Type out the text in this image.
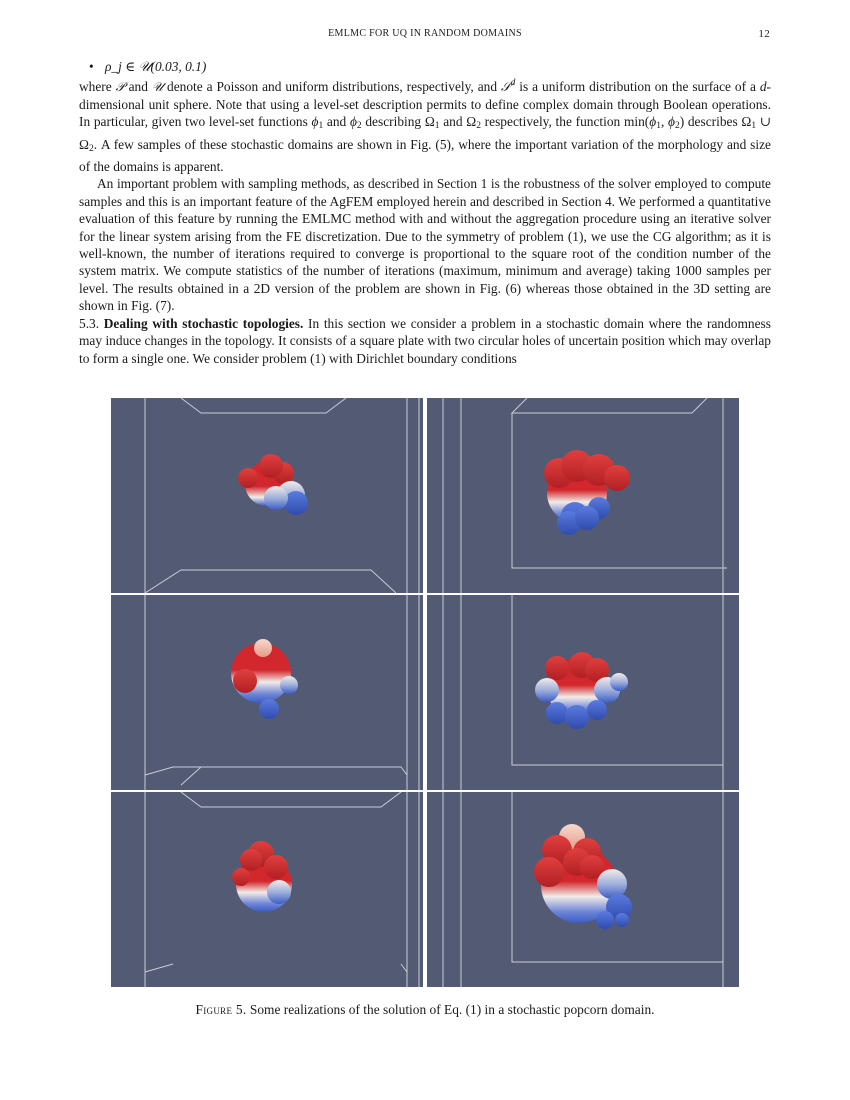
EMLMC FOR UQ IN RANDOM DOMAINS	12

• ρ_j ∈ 𝒰(0.03, 0.1)

where 𝒫 and 𝒰 denote a Poisson and uniform distributions, respectively, and 𝒮$^d$ is a uniform distribution on the surface of a d-dimensional unit sphere. Note that using a level-set description permits to define complex domain through Boolean operations. In particular, given two level-set functions $\phi_1$ and $\phi_2$ describing $\Omega_1$ and $\Omega_2$ respectively, the function $\min(\phi_1$, $\phi_2$) describes $\Omega_1$ ∪ $\Omega_2$. A few samples of these stochastic domains are shown in Fig. (5), where the important variation of the morphology and size of the domains is apparent.

An important problem with sampling methods, as described in Section 1 is the robustness of the solver employed to compute samples and this is an important feature of the AgFEM employed herein and described in Section 4. We performed a quantitative evaluation of this feature by running the EMLMC method with and without the aggregation procedure using an iterative solver for the linear system arising from the FE discretization. Due to the symmetry of problem (1), we use the CG algorithm; as it is well-known, the number of iterations required to converge is proportional to the square root of the condition number of the system matrix. We compute statistics of the number of iterations (maximum, minimum and average) taking 1000 samples per level. The results obtained in a 2D version of the problem are shown in Fig. (6) whereas those obtained in the 3D setting are shown in Fig. (7).

5.3. Dealing with stochastic topologies. In this section we consider a problem in a stochastic domain where the randomness may induce changes in the topology. It consists of a square plate with two circular holes of uncertain position which may overlap to form a single one. We consider problem (1) with Dirichlet boundary conditions

Figure 5. Some realizations of the solution of Eq. (1) in a stochastic popcorn domain.
